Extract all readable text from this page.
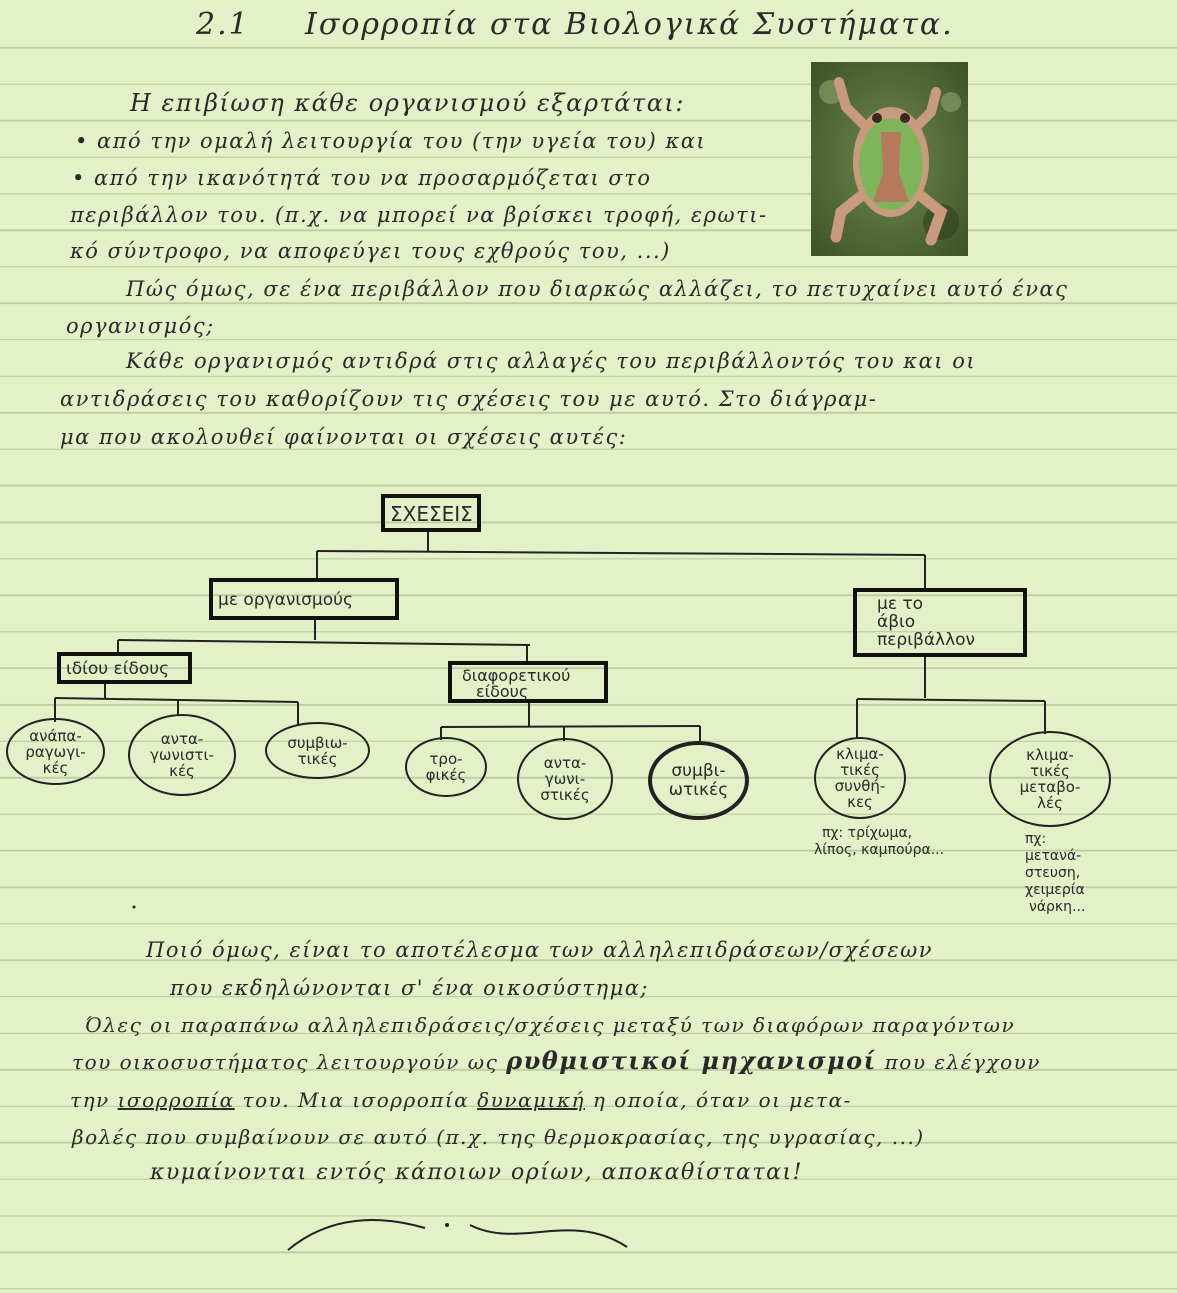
2.1 Ισορροπία στα Βιολογικά Συστήματα.
Η επιβίωση κάθε οργανισμού εξαρτάται:
• από την ομαλή λειτουργία του (την υγεία του) και
• από την ικανότητά του να προσαρμόζεται στο
περιβάλλον του. (π.χ. να μπορεί να βρίσκει τροφή, ερωτι-
κό σύντροφο, να αποφεύγει τους εχθρούς του, ...)
Πώς όμως, σε ένα περιβάλλον που διαρκώς αλλάζει, το πετυχαίνει αυτό ένας
οργανισμός;
Κάθε οργανισμός αντιδρά στις αλλαγές του περιβάλλοντός του και οι
αντιδράσεις του καθορίζουν τις σχέσεις του με αυτό. Στο διάγραμ-
μα που ακολουθεί φαίνονται οι σχέσεις αυτές:
ΣΧΕΣΕΙΣ
με οργανισμούς	με το
άβιο
περιβάλλον
ιδίου είδους	διαφορετικού
είδους
ανάπα-
ραγωγι-
κές
αντα-
γωνιστι-
κές
συμβιω-
τικές	τρο-
φικές
αντα-
γωνι-
στικές
συμβι-
ωτικές
κλιμα-
τικές
συνθή-
κες
κλιμα-
τικές
μεταβο-
λές
πχ: τρίχωμα,
λίπος, καμπούρα...
πχ:
μετανά-
στευση,
χειμερία
νάρκη...
Ποιό όμως, είναι το αποτέλεσμα των αλληλεπιδράσεων/σχέσεων
που εκδηλώνονται σ' ένα οικοσύστημα;
Όλες οι παραπάνω αλληλεπιδράσεις/σχέσεις μεταξύ των διαφόρων παραγόντων
του οικοσυστήματος λειτουργούν ως ρυθμιστικοί μηχανισμοί που ελέγχουν
την ισορροπία του. Μια ισορροπία δυναμική η οποία, όταν οι μετα-
βολές που συμβαίνουν σε αυτό (π.χ. της θερμοκρασίας, της υγρασίας, ...)
κυμαίνονται εντός κάποιων ορίων, αποκαθίσταται!
